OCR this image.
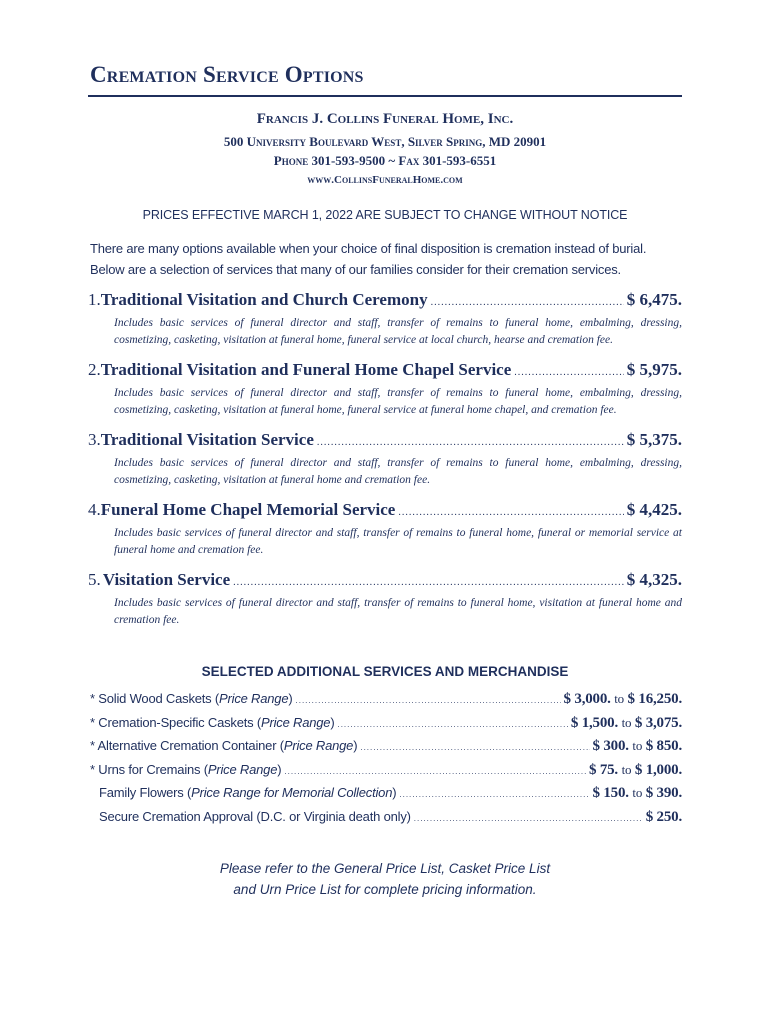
Cremation Service Options
Francis J. Collins Funeral Home, Inc.
500 University Boulevard West, Silver Spring, MD 20901
Phone 301-593-9500 ~ Fax 301-593-6551
www.CollinsFuneralHome.com
PRICES EFFECTIVE MARCH 1, 2022 ARE SUBJECT TO CHANGE WITHOUT NOTICE
There are many options available when your choice of final disposition is cremation instead of burial. Below are a selection of services that many of our families consider for their cremation services.
1. Traditional Visitation and Church Ceremony .....	$ 6,475.
Includes basic services of funeral director and staff, transfer of remains to funeral home, embalming, dressing, cosmetizing, casketing, visitation at funeral home, funeral service at local church, hearse and cremation fee.
2. Traditional Visitation and Funeral Home Chapel Service .....	$ 5,975.
Includes basic services of funeral director and staff, transfer of remains to funeral home, embalming, dressing, cosmetizing, casketing, visitation at funeral home, funeral service at funeral home chapel, and cremation fee.
3. Traditional Visitation Service .....	$ 5,375.
Includes basic services of funeral director and staff, transfer of remains to funeral home, embalming, dressing, cosmetizing, casketing, visitation at funeral home and cremation fee.
4. Funeral Home Chapel Memorial Service .....	$ 4,425.
Includes basic services of funeral director and staff, transfer of remains to funeral home, funeral or memorial service at funeral home and cremation fee.
5. Visitation Service .....	$ 4,325.
Includes basic services of funeral director and staff, transfer of remains to funeral home, visitation at funeral home and cremation fee.
SELECTED ADDITIONAL SERVICES AND MERCHANDISE
* Solid Wood Caskets (Price Range) .....	$ 3,000. to $ 16,250.
* Cremation-Specific Caskets (Price Range) .....	$ 1,500. to $ 3,075.
* Alternative Cremation Container (Price Range) .....	$ 300. to $ 850.
* Urns for Cremains (Price Range) .....	$ 75. to $ 1,000.
Family Flowers (Price Range for Memorial Collection) .....	$ 150. to $ 390.
Secure Cremation Approval (D.C. or Virginia death only) .....	$ 250.
Please refer to the General Price List, Casket Price List
and Urn Price List for complete pricing information.
